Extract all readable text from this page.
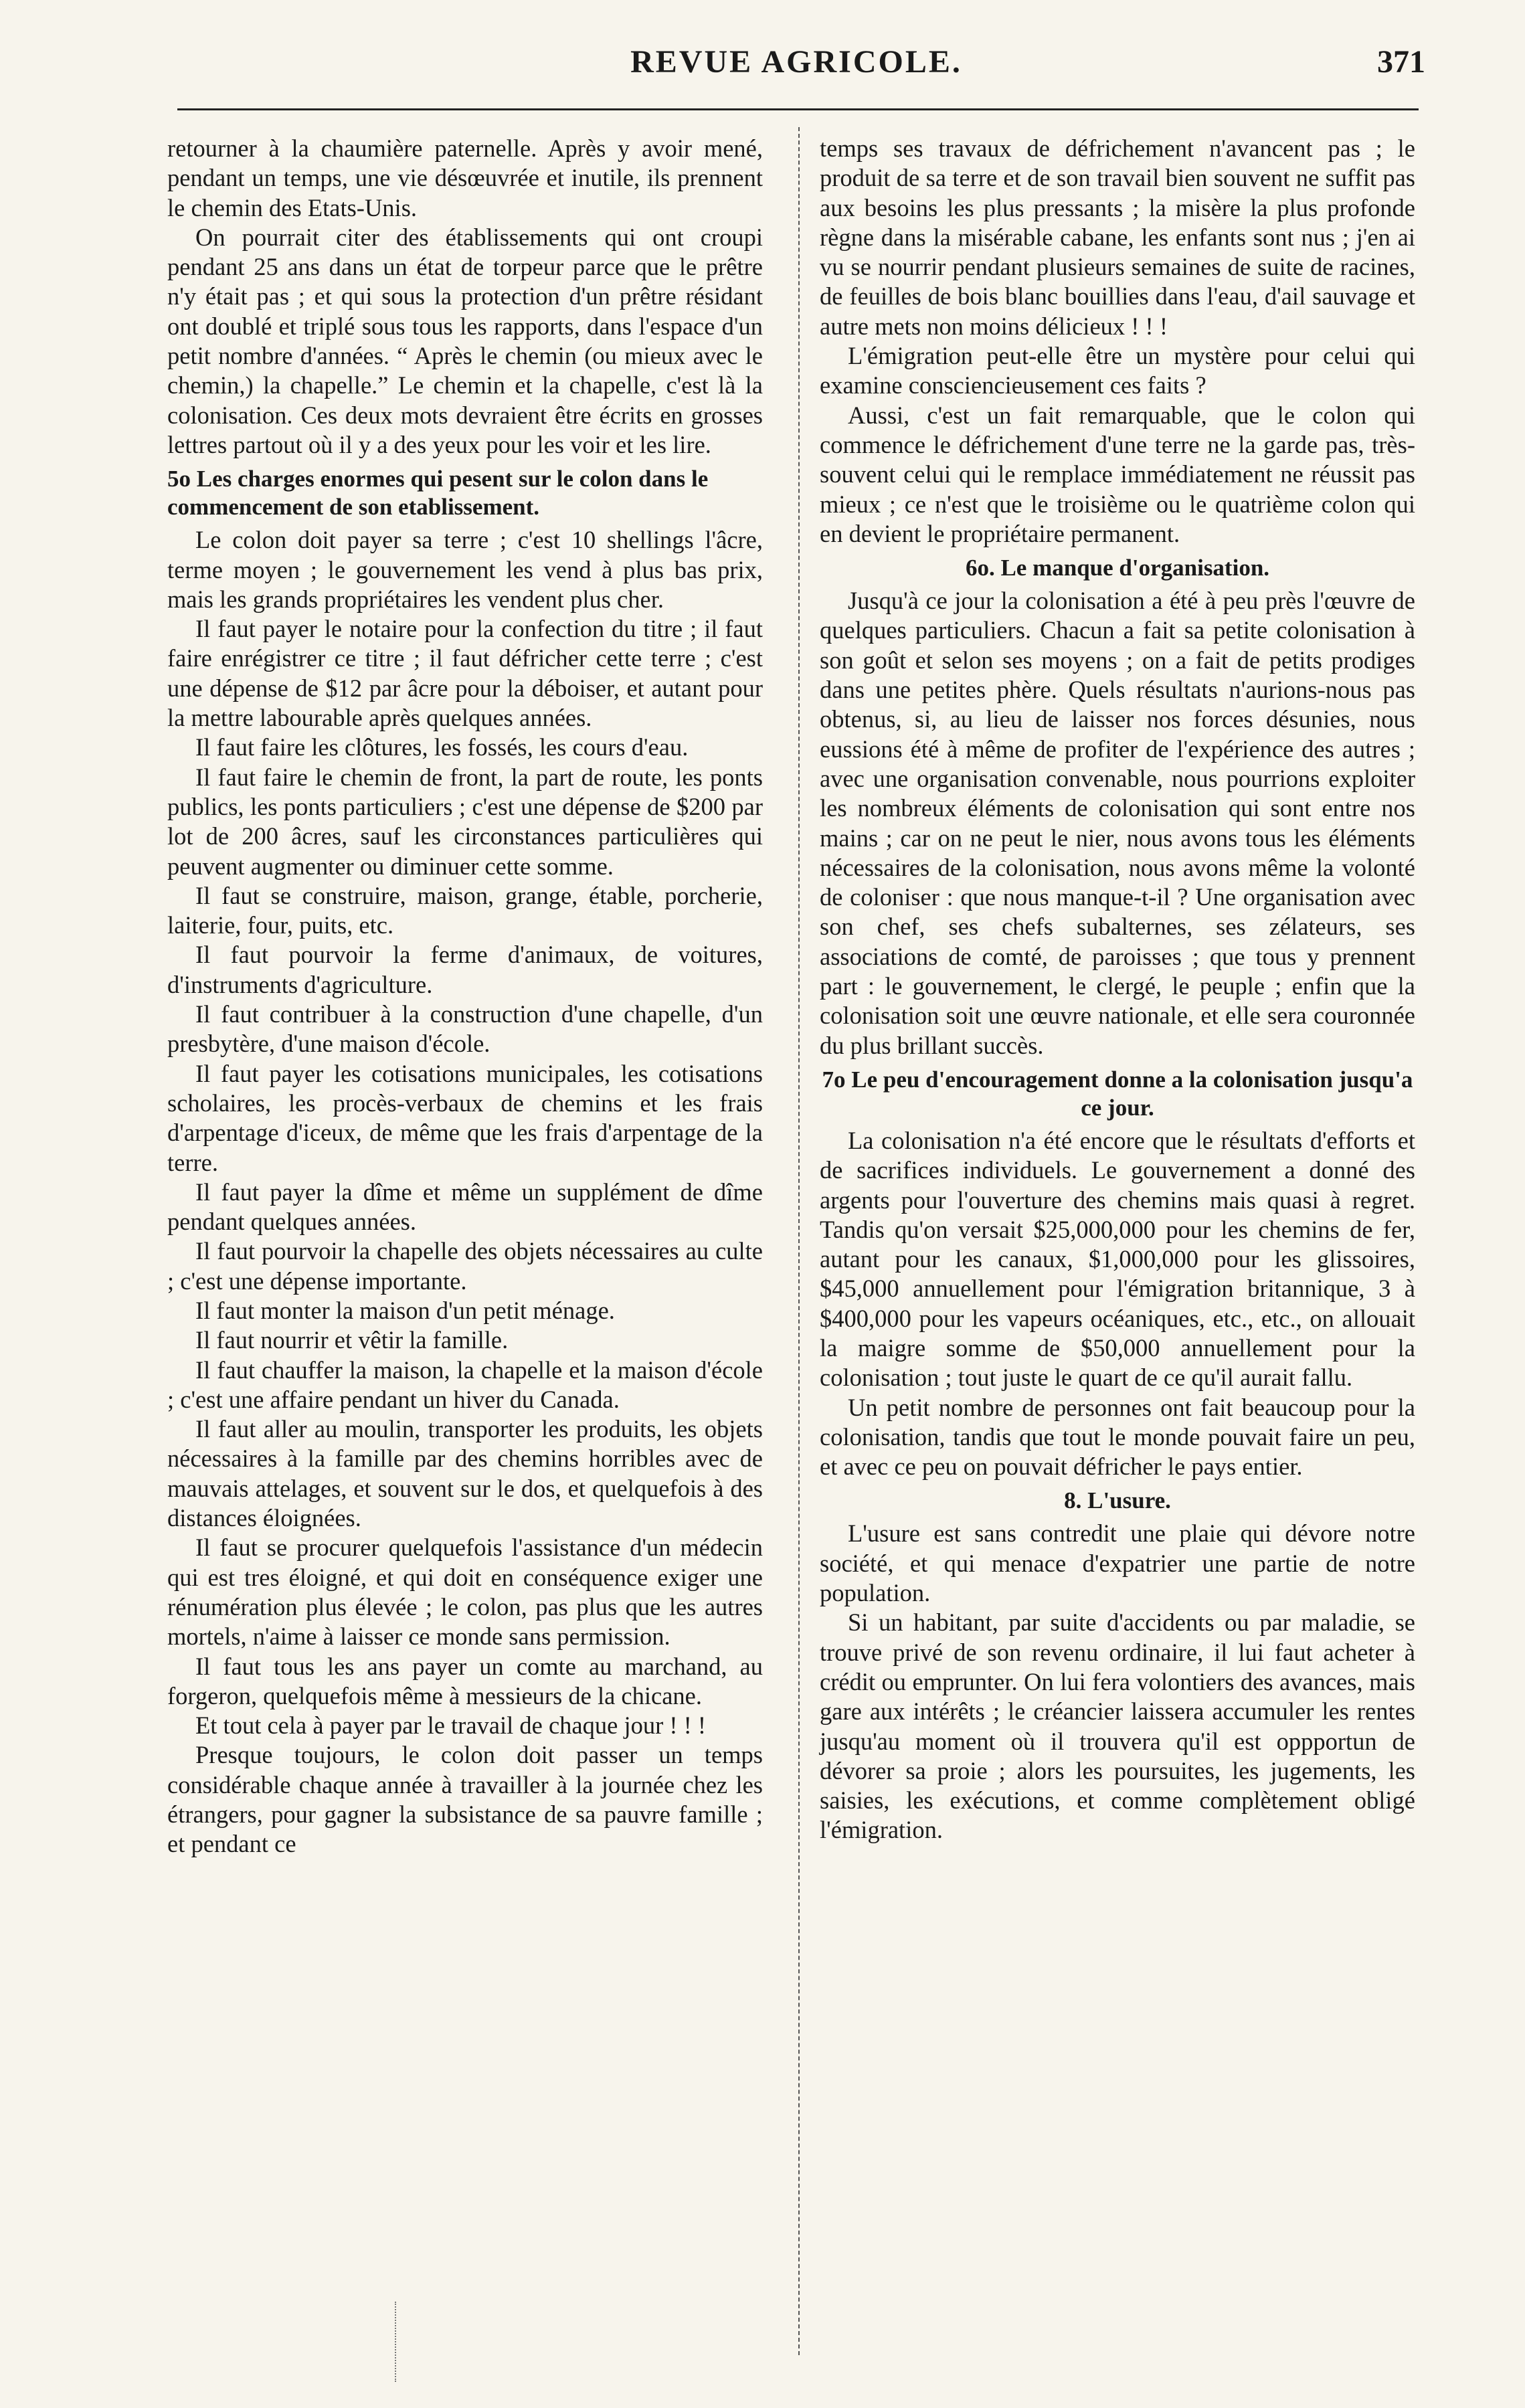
REVUE AGRICOLE.	371

retourner à la chaumière paternelle. Après y avoir mené, pendant un temps, une vie désœuvrée et inutile, ils prennent le chemin des Etats-Unis.

On pourrait citer des établissements qui ont croupi pendant 25 ans dans un état de torpeur parce que le prêtre n'y était pas ; et qui sous la protection d'un prêtre résidant ont doublé et triplé sous tous les rapports, dans l'espace d'un petit nombre d'années. “ Après le chemin (ou mieux avec le chemin,) la chapelle.” Le chemin et la chapelle, c'est là la colonisation. Ces deux mots devraient être écrits en grosses lettres partout où il y a des yeux pour les voir et les lire.

5o Les charges enormes qui pesent sur le colon dans le commencement de son etablissement.

Le colon doit payer sa terre ; c'est 10 shellings l'âcre, terme moyen ; le gouvernement les vend à plus bas prix, mais les grands propriétaires les vendent plus cher.

Il faut payer le notaire pour la confection du titre ; il faut faire enrégistrer ce titre ; il faut défricher cette terre ; c'est une dépense de $12 par âcre pour la déboiser, et autant pour la mettre labourable après quelques années.

Il faut faire les clôtures, les fossés, les cours d'eau.

Il faut faire le chemin de front, la part de route, les ponts publics, les ponts particuliers ; c'est une dépense de $200 par lot de 200 âcres, sauf les circonstances particulières qui peuvent augmenter ou diminuer cette somme.

Il faut se construire, maison, grange, étable, porcherie, laiterie, four, puits, etc.

Il faut pourvoir la ferme d'animaux, de voitures, d'instruments d'agriculture.

Il faut contribuer à la construction d'une chapelle, d'un presbytère, d'une maison d'école.

Il faut payer les cotisations municipales, les cotisations scholaires, les procès-verbaux de chemins et les frais d'arpentage d'iceux, de même que les frais d'arpentage de la terre.

Il faut payer la dîme et même un supplément de dîme pendant quelques années.

Il faut pourvoir la chapelle des objets nécessaires au culte ; c'est une dépense importante.

Il faut monter la maison d'un petit ménage.

Il faut nourrir et vêtir la famille.

Il faut chauffer la maison, la chapelle et la maison d'école ; c'est une affaire pendant un hiver du Canada.

Il faut aller au moulin, transporter les produits, les objets nécessaires à la famille par des chemins horribles avec de mauvais attelages, et souvent sur le dos, et quelquefois à des distances éloignées.

Il faut se procurer quelquefois l'assistance d'un médecin qui est tres éloigné, et qui doit en conséquence exiger une rénumération plus élevée ; le colon, pas plus que les autres mortels, n'aime à laisser ce monde sans permission.

Il faut tous les ans payer un comte au marchand, au forgeron, quelquefois même à messieurs de la chicane.

Et tout cela à payer par le travail de chaque jour ! ! !

Presque toujours, le colon doit passer un temps considérable chaque année à travailler à la journée chez les étrangers, pour gagner la subsistance de sa pauvre famille ; et pendant ce

temps ses travaux de défrichement n'avancent pas ; le produit de sa terre et de son travail bien souvent ne suffit pas aux besoins les plus pressants ; la misère la plus profonde règne dans la misérable cabane, les enfants sont nus ; j'en ai vu se nourrir pendant plusieurs semaines de suite de racines, de feuilles de bois blanc bouillies dans l'eau, d'ail sauvage et autre mets non moins délicieux ! ! !

L'émigration peut-elle être un mystère pour celui qui examine consciencieusement ces faits ?

Aussi, c'est un fait remarquable, que le colon qui commence le défrichement d'une terre ne la garde pas, très-souvent celui qui le remplace immédiatement ne réussit pas mieux ; ce n'est que le troisième ou le quatrième colon qui en devient le propriétaire permanent.

6o. Le manque d'organisation.

Jusqu'à ce jour la colonisation a été à peu près l'œuvre de quelques particuliers. Chacun a fait sa petite colonisation à son goût et selon ses moyens ; on a fait de petits prodiges dans une petites phère. Quels résultats n'aurions-nous pas obtenus, si, au lieu de laisser nos forces désunies, nous eussions été à même de profiter de l'expérience des autres ; avec une organisation convenable, nous pourrions exploiter les nombreux éléments de colonisation qui sont entre nos mains ; car on ne peut le nier, nous avons tous les éléments nécessaires de la colonisation, nous avons même la volonté de coloniser : que nous manque-t-il ? Une organisation avec son chef, ses chefs subalternes, ses zélateurs, ses associations de comté, de paroisses ; que tous y prennent part : le gouvernement, le clergé, le peuple ; enfin que la colonisation soit une œuvre nationale, et elle sera couronnée du plus brillant succès.

7o Le peu d'encouragement donne a la colonisation jusqu'a ce jour.

La colonisation n'a été encore que le résultats d'efforts et de sacrifices individuels. Le gouvernement a donné des argents pour l'ouverture des chemins mais quasi à regret. Tandis qu'on versait $25,000,000 pour les chemins de fer, autant pour les canaux, $1,000,000 pour les glissoires, $45,000 annuellement pour l'émigration britannique, 3 à $400,000 pour les vapeurs océaniques, etc., etc., on allouait la maigre somme de $50,000 annuellement pour la colonisation ; tout juste le quart de ce qu'il aurait fallu.

Un petit nombre de personnes ont fait beaucoup pour la colonisation, tandis que tout le monde pouvait faire un peu, et avec ce peu on pouvait défricher le pays entier.

8. L'usure.

L'usure est sans contredit une plaie qui dévore notre société, et qui menace d'expatrier une partie de notre population.

Si un habitant, par suite d'accidents ou par maladie, se trouve privé de son revenu ordinaire, il lui faut acheter à crédit ou emprunter. On lui fera volontiers des avances, mais gare aux intérêts ; le créancier laissera accumuler les rentes jusqu'au moment où il trouvera qu'il est oppportun de dévorer sa proie ; alors les poursuites, les jugements, les saisies, les exécutions, et comme complètement obligé l'émigration.
